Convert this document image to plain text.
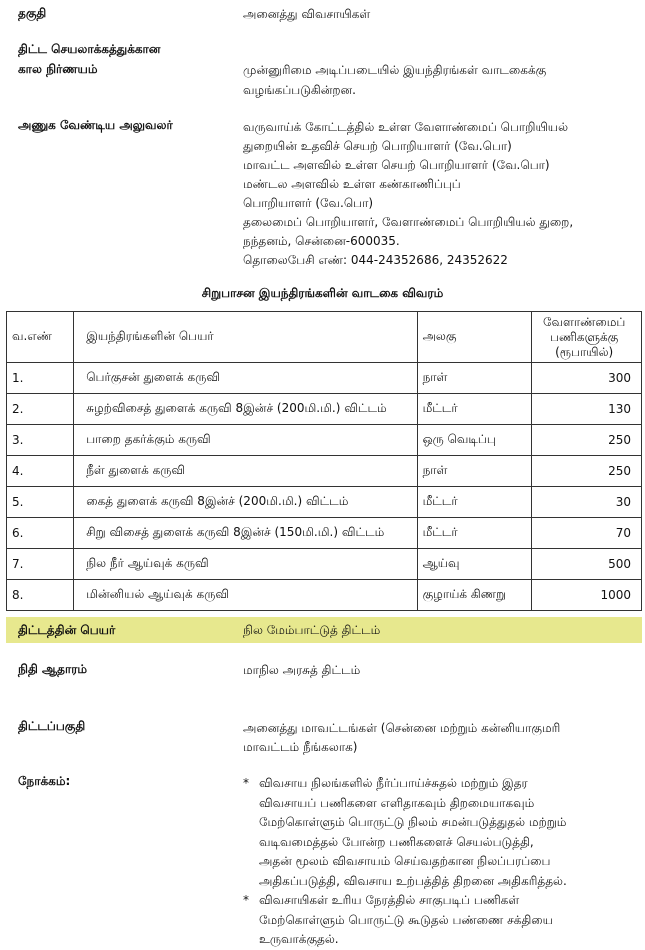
தகுதி	அனைத்து விவசாயிகள்
திட்ட செயலாக்கத்துக்கான
கால நிர்ணயம்	முன்னுரிமை அடிப்படையில் இயந்திரங்கள் வாடகைக்கு
வழங்கப்படுகின்றன.
அணுக வேண்டிய அலுவலர்	வருவாய்க் கோட்டத்தில் உள்ள வேளாண்மைப் பொறியியல்
துறையின் உதவிச் செயற் பொறியாளர் (வே.பொ)
மாவட்ட அளவில் உள்ள செயற் பொறியாளர் (வே.பொ)
மண்டல அளவில் உள்ள கண்காணிப்புப்
பொறியாளர் (வே.பொ)
தலைமைப் பொறியாளர், வேளாண்மைப் பொறியியல் துறை,
நந்தனம், சென்னை-600035.
தொலைபேசி எண்: 044-24352686, 24352622
சிறுபாசன இயந்திரங்களின் வாடகை விவரம்
வ.எண்	இயந்திரங்களின் பெயர்	அலகு	வேளாண்மைப்
பணிகளுக்கு
(ரூபாயில்)

1.	பெர்குசன் துளைக் கருவி	நாள்	300
2.	சுழற்விசைத் துளைக் கருவி 8இன்ச் (200மி.மி.) விட்டம்	மீட்டர்	130
3.	பாறை தகர்க்கும் கருவி	ஒரு வெடிப்பு	250
4.	நீள் துளைக் கருவி	நாள்	250
5.	கைத் துளைக் கருவி 8இன்ச் (200மி.மி.) விட்டம்	மீட்டர்	30
6.	சிறு விசைத் துளைக் கருவி 8இன்ச் (150மி.மி.) விட்டம்	மீட்டர்	70
7.	நில நீர் ஆய்வுக் கருவி	ஆய்வு	500
8.	மின்னியல் ஆய்வுக் கருவி	குழாய்க் கிணறு	1000
திட்டத்தின் பெயர்	நில மேம்பாட்டுத் திட்டம்
நிதி ஆதாரம்	மாநில அரசுத் திட்டம்
திட்டப்பகுதி	அனைத்து மாவட்டங்கள் (சென்னை மற்றும் கன்னியாகுமரி
மாவட்டம் நீங்கலாக)
நோக்கம்:	* விவசாய நிலங்களில் நீர்ப்பாய்ச்சுதல் மற்றும் இதர
விவசாயப் பணிகளை எளிதாகவும் திறமையாகவும்
மேற்கொள்ளும் பொருட்டு நிலம் சமன்படுத்துதல் மற்றும்
வடிவமைத்தல் போன்ற பணிகளைச் செயல்படுத்தி,
அதன் மூலம் விவசாயம் செய்வதற்கான நிலப்பரப்பை
அதிகப்படுத்தி, விவசாய உற்பத்தித் திறனை அதிகரித்தல்.
* விவசாயிகள் உரிய நேரத்தில் சாகுபடிப் பணிகள்
மேற்கொள்ளும் பொருட்டு கூடுதல் பண்ணை சக்தியை
உருவாக்குதல்.
